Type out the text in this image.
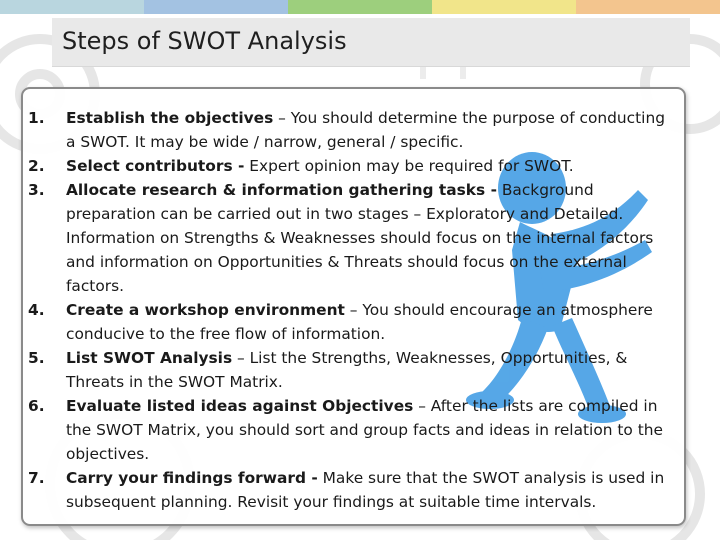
Steps of SWOT Analysis
1. Establish the objectives – You should determine the purpose of conducting a SWOT. It may be wide / narrow, general / specific.
2. Select contributors - Expert opinion may be required for SWOT.
3. Allocate research & information gathering tasks - Background preparation can be carried out in two stages – Exploratory and Detailed. Information on Strengths & Weaknesses should focus on the internal factors and information on Opportunities & Threats should focus on the external factors.
4. Create a workshop environment – You should encourage an atmosphere conducive to the free flow of information.
5. List SWOT Analysis – List the Strengths, Weaknesses, Opportunities, & Threats in the SWOT Matrix.
6. Evaluate listed ideas against Objectives – After the lists are compiled in the SWOT Matrix, you should sort and group facts and ideas in relation to the objectives.
7. Carry your findings forward - Make sure that the SWOT analysis is used in subsequent planning. Revisit your findings at suitable time intervals.
